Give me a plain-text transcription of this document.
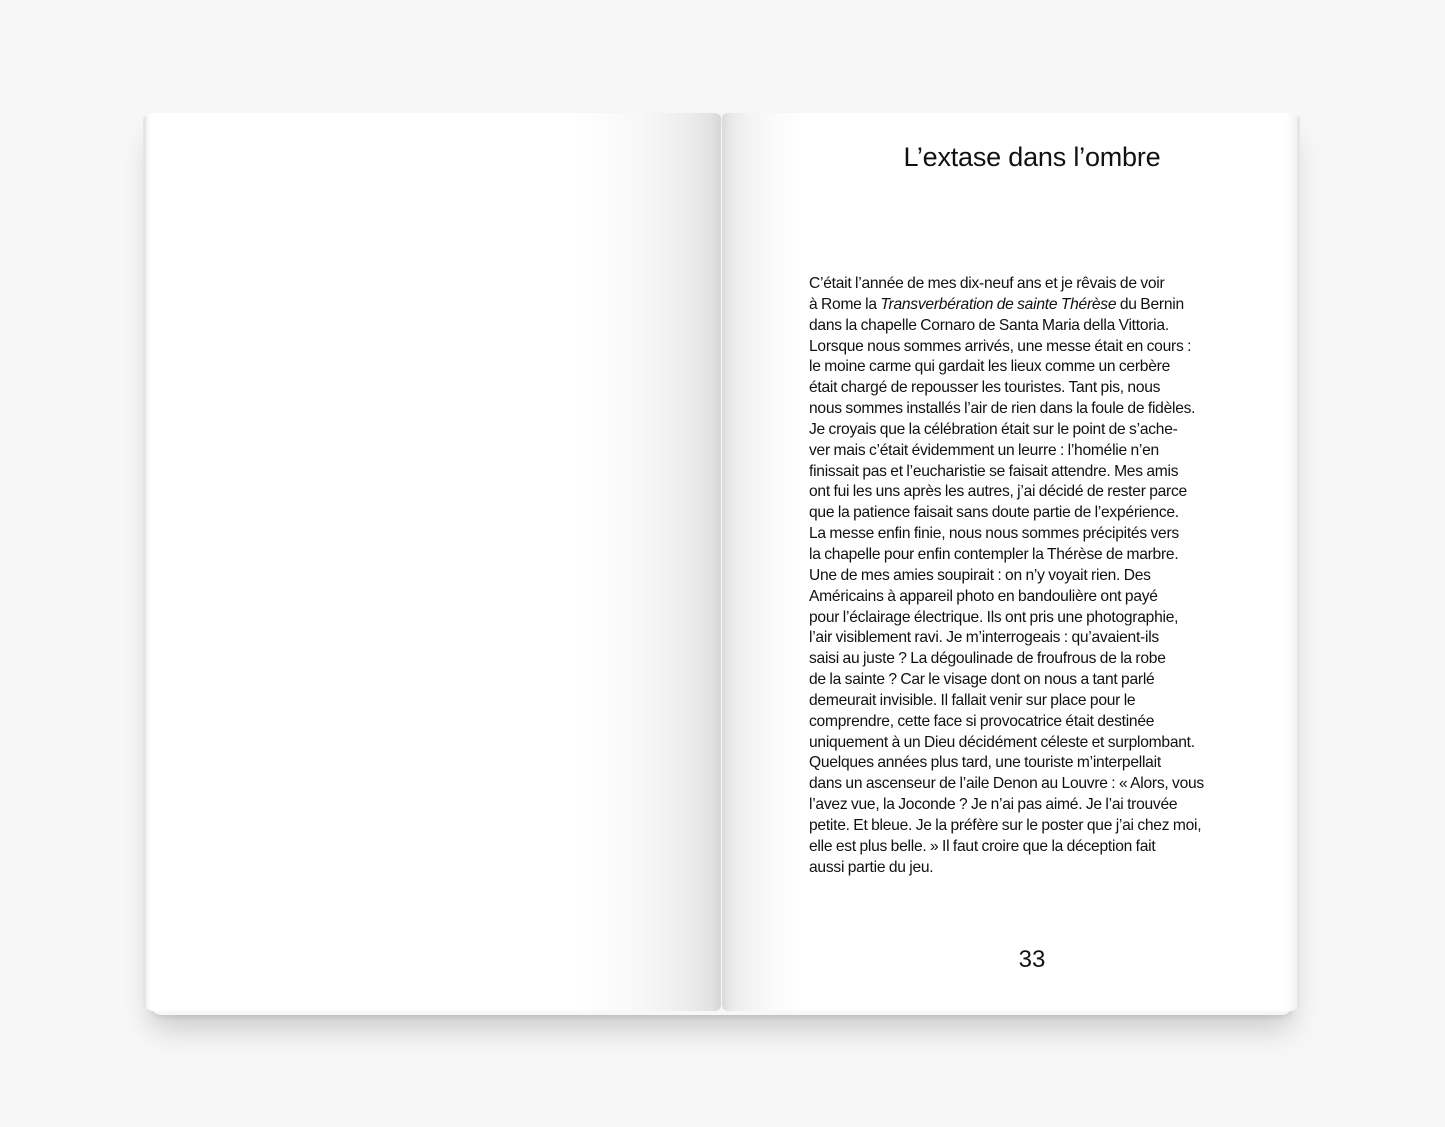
L’extase dans l’ombre
C’était l’année de mes dix-neuf ans et je rêvais de voir
à Rome la Transverbération de sainte Thérèse du Bernin
dans la chapelle Cornaro de Santa Maria della Vittoria.
Lorsque nous sommes arrivés, une messe était en cours :
le moine carme qui gardait les lieux comme un cerbère
était chargé de repousser les touristes. Tant pis, nous
nous sommes installés l’air de rien dans la foule de fidèles.
Je croyais que la célébration était sur le point de s’ache-
ver mais c’était évidemment un leurre : l’homélie n’en
finissait pas et l’eucharistie se faisait attendre. Mes amis
ont fui les uns après les autres, j’ai décidé de rester parce
que la patience faisait sans doute partie de l’expérience.
La messe enfin finie, nous nous sommes précipités vers
la chapelle pour enfin contempler la Thérèse de marbre.
Une de mes amies soupirait : on n’y voyait rien. Des
Américains à appareil photo en bandoulière ont payé
pour l’éclairage électrique. Ils ont pris une photographie,
l’air visiblement ravi. Je m’interrogeais : qu’avaient-ils
saisi au juste ? La dégoulinade de froufrous de la robe
de la sainte ? Car le visage dont on nous a tant parlé
demeurait invisible. Il fallait venir sur place pour le
comprendre, cette face si provocatrice était destinée
uniquement à un Dieu décidément céleste et surplombant.
Quelques années plus tard, une touriste m’interpellait
dans un ascenseur de l’aile Denon au Louvre : « Alors, vous
l’avez vue, la Joconde ? Je n’ai pas aimé. Je l’ai trouvée
petite. Et bleue. Je la préfère sur le poster que j’ai chez moi,
elle est plus belle. » Il faut croire que la déception fait
aussi partie du jeu.
33
